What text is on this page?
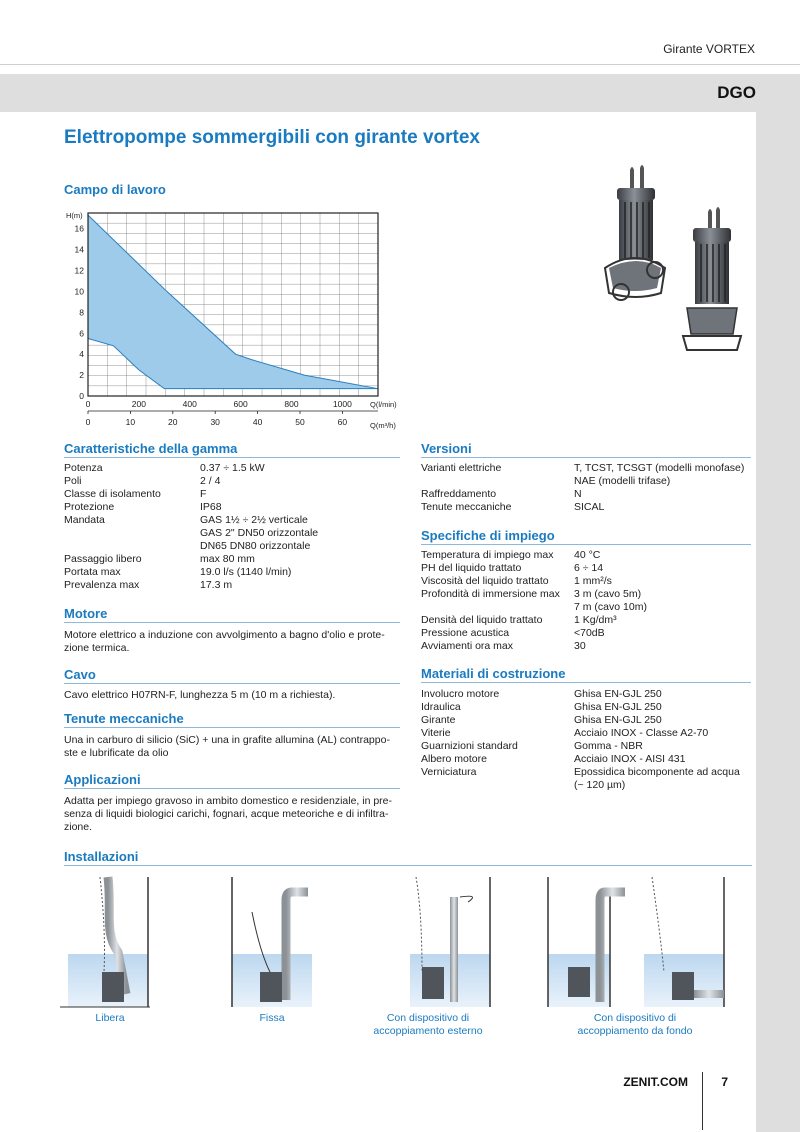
Girante VORTEX
DGO
Elettropompe sommergibili con girante vortex
Campo di lavoro
0
2
4
6
8
10
12
14
16
H(m)
0	200	400	600	800	1000 Q(l/min)
0	10	20	30	40	50	60	Q(m³/h)
Caratteristiche della gamma
Potenza	0.37 ÷ 1.5 kW
Poli	2 / 4
Classe di isolamento	F
Protezione	IP68
Mandata	GAS 1½ ÷ 2½ verticale
GAS 2" DN50 orizzontale
DN65 DN80 orizzontale
Passaggio libero	max 80 mm
Portata max	19.0 l/s (1140 l/min)
Prevalenza max	17.3 m
Motore
Motore elettrico a induzione con avvolgimento a bagno d'olio e prote-
zione termica.
Cavo
Cavo elettrico H07RN-F, lunghezza 5 m (10 m a richiesta).
Tenute meccaniche
Una in carburo di silicio (SiC) + una in grafite allumina (AL) contrappo-
ste e lubrificate da olio
Applicazioni
Adatta per impiego gravoso in ambito domestico e residenziale, in pre-
senza di liquidi biologici carichi, fognari, acque meteoriche e di infiltra-
zione.
Versioni
Varianti elettriche	T, TCST, TCSGT (modelli monofase)
NAE (modelli trifase)
Raffreddamento	N
Tenute meccaniche	SICAL
Specifiche di impiego
Temperatura di impiego max	40 °C
PH del liquido trattato	6 ÷ 14
Viscosità del liquido trattato	1 mm²/s
Profondità di immersione max	3 m (cavo 5m)
7 m (cavo 10m)
Densità del liquido trattato	1 Kg/dm³
Pressione acustica	<70dB
Avviamenti ora max	30
Materiali di costruzione
Involucro motore	Ghisa EN-GJL 250
Idraulica	Ghisa EN-GJL 250
Girante	Ghisa EN-GJL 250
Viterie	Acciaio INOX - Classe A2-70
Guarnizioni standard	Gomma - NBR
Albero motore	Acciaio INOX - AISI 431
Verniciatura	Epossidica bicomponente ad acqua
(~ 120 µm)
Installazioni
Libera	Fissa	Con dispositivo di
accoppiamento esterno
Con dispositivo di
accoppiamento da fondo
ZENIT.COM	7
